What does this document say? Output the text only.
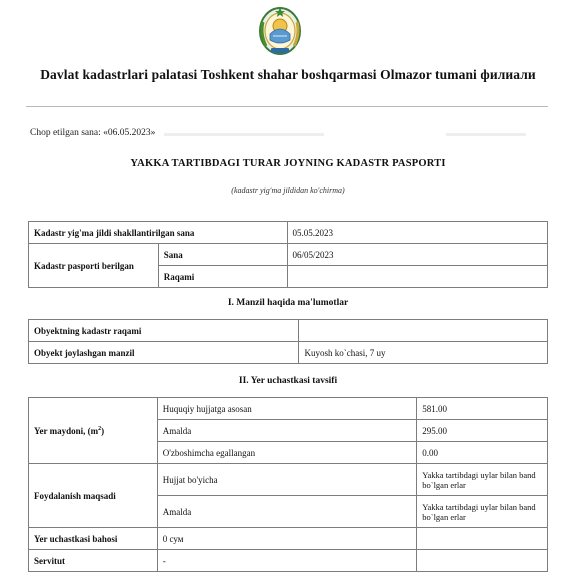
Davlat kadastrlari palatasi Toshkent shahar boshqarmasi Olmazor tumani филиали
Chop etilgan sana: «06.05.2023»
YAKKA TARTIBDAGI TURAR JOYNING KADASTR PASPORTI
(kadastr yig'ma jildidan ko'chirma)
Kadastr yig'ma jildi shakllantirilgan sana		05.05.2023
Kadastr pasporti berilgan	Sana	06/05/2023
	Raqami	
I. Manzil haqida ma'lumotlar
Obyektning kadastr raqami	
Obyekt joylashgan manzil	Kuyosh ko`chasi, 7 uy
II. Yer uchastkasi tavsifi
Yer maydoni, $(m^2)$	Huquqiy hujjatga asosan	581.00
	Amalda	295.00
	O'zboshimcha egallangan	0.00
Foydalanish maqsadi	Hujjat bo'yicha	Yakka tartibdagi uylar bilan band bo`lgan erlar
	Amalda	Yakka tartibdagi uylar bilan band bo`lgan erlar
Yer uchastkasi bahosi	0 сум	
Servitut	-	
